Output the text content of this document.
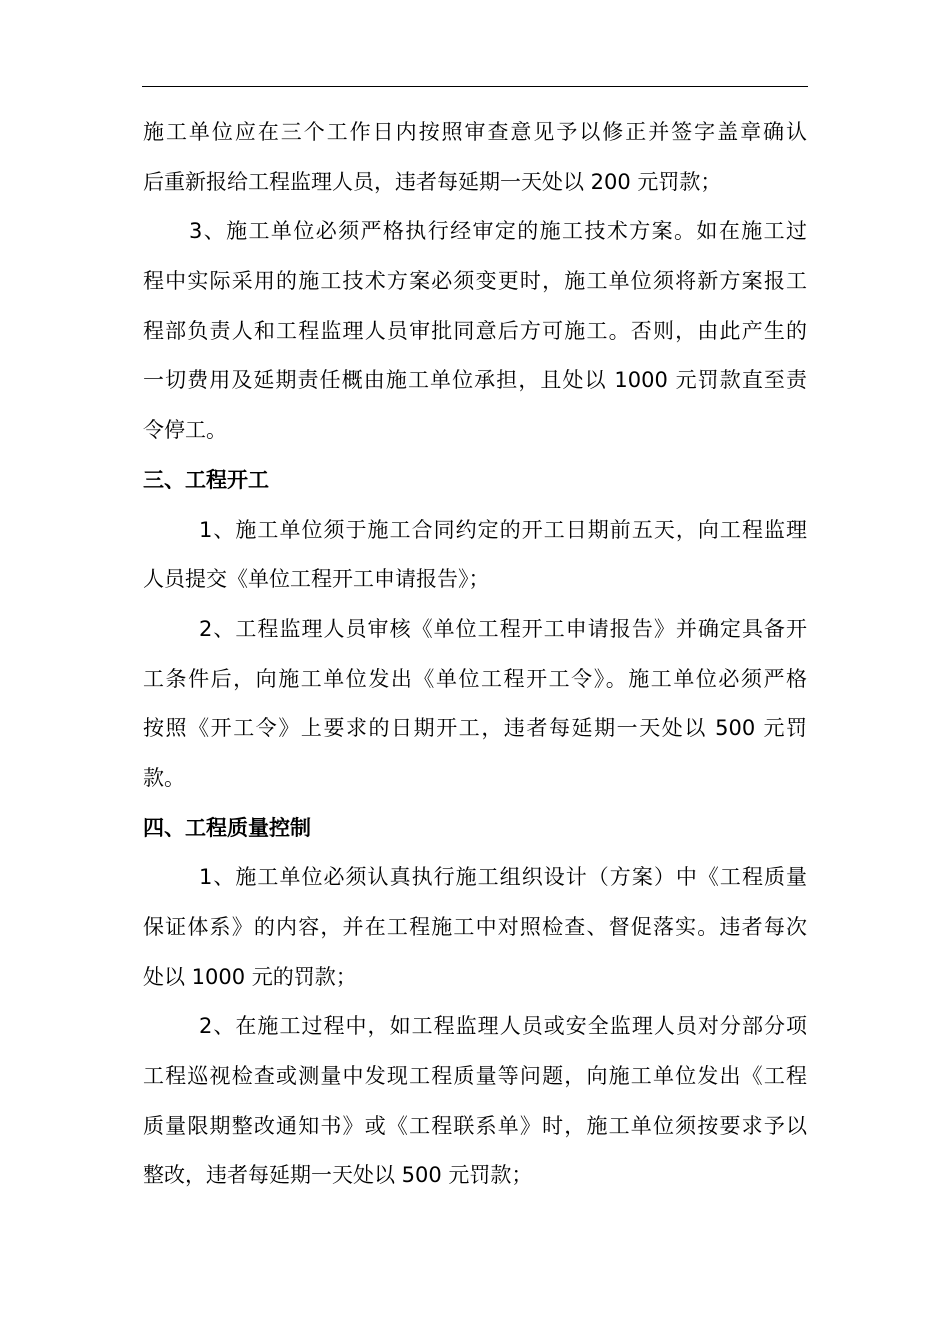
施工单位应在三个工作日内按照审查意见予以修正并签字盖章确认
后重新报给工程监理人员，违者每延期一天处以 200 元罚款；
3、施工单位必须严格执行经审定的施工技术方案。如在施工过
程中实际采用的施工技术方案必须变更时，施工单位须将新方案报工
程部负责人和工程监理人员审批同意后方可施工。否则，由此产生的
一切费用及延期责任概由施工单位承担，且处以 1000 元罚款直至责
令停工。
三、工程开工
1、施工单位须于施工合同约定的开工日期前五天，向工程监理
人员提交《单位工程开工申请报告》；
2、工程监理人员审核《单位工程开工申请报告》并确定具备开
工条件后，向施工单位发出《单位工程开工令》。施工单位必须严格
按照《开工令》上要求的日期开工，违者每延期一天处以 500 元罚
款。
四、工程质量控制
1、施工单位必须认真执行施工组织设计（方案）中《工程质量
保证体系》的内容，并在工程施工中对照检查、督促落实。违者每次
处以 1000 元的罚款；
2、在施工过程中，如工程监理人员或安全监理人员对分部分项
工程巡视检查或测量中发现工程质量等问题，向施工单位发出《工程
质量限期整改通知书》或《工程联系单》时，施工单位须按要求予以
整改，违者每延期一天处以 500 元罚款；
